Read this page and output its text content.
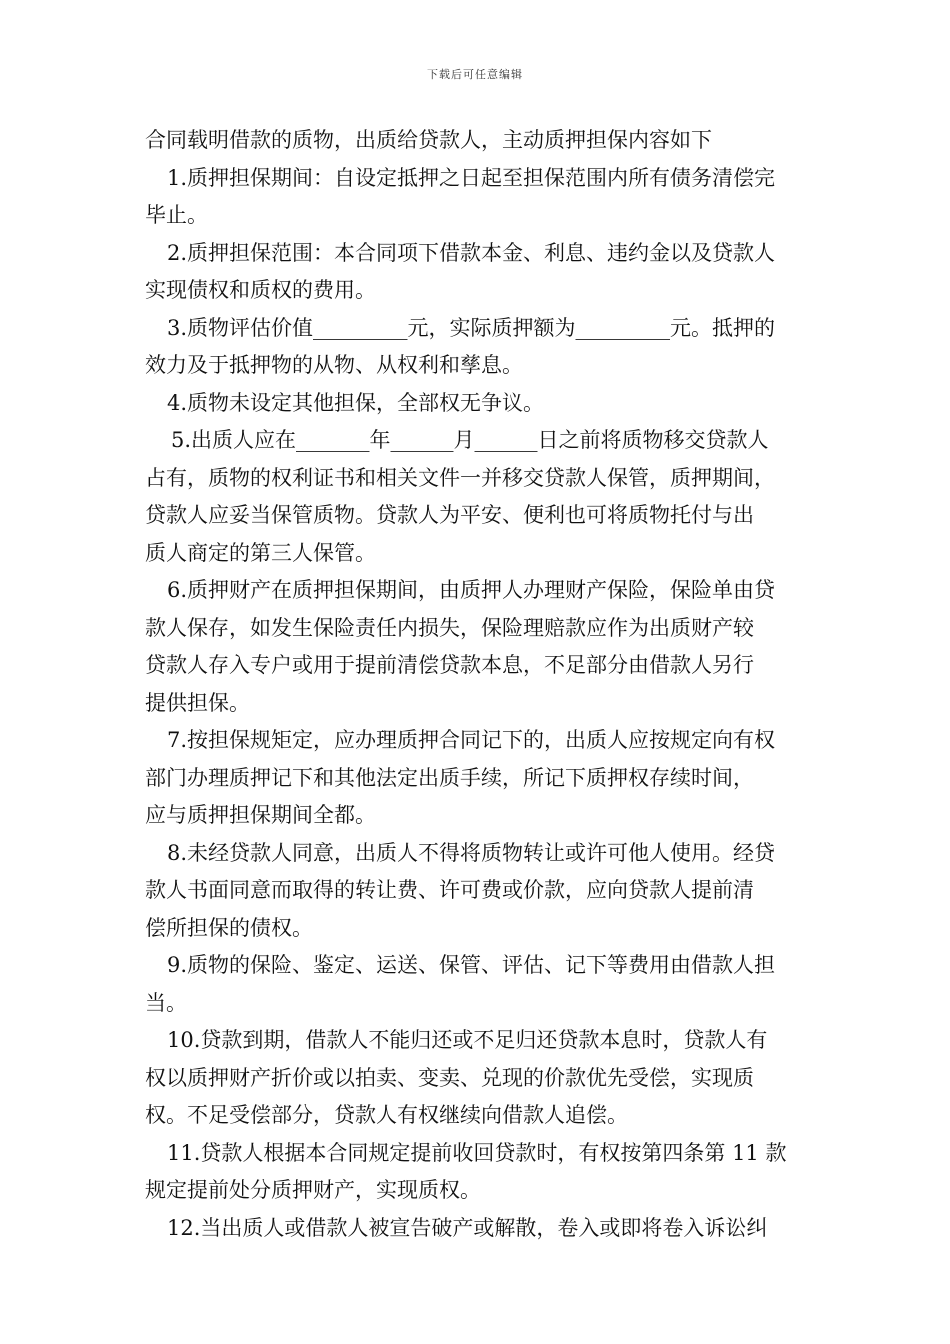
下载后可任意编辑
合同载明借款的质物，出质给贷款人，主动质押担保内容如下
1.质押担保期间：自设定抵押之日起至担保范围内所有债务清偿完
毕止。
2.质押担保范围：本合同项下借款本金、利息、违约金以及贷款人
实现债权和质权的费用。
3.质物评估价值_________元，实际质押额为_________元。抵押的
效力及于抵押物的从物、从权利和孳息。
4.质物未设定其他担保，全部权无争议。
5.出质人应在_______年______月______日之前将质物移交贷款人
占有，质物的权利证书和相关文件一并移交贷款人保管，质押期间，
贷款人应妥当保管质物。贷款人为平安、便利也可将质物托付与出
质人商定的第三人保管。
6.质押财产在质押担保期间，由质押人办理财产保险，保险单由贷
款人保存，如发生保险责任内损失，保险理赔款应作为出质财产较
贷款人存入专户或用于提前清偿贷款本息，不足部分由借款人另行
提供担保。
7.按担保规矩定，应办理质押合同记下的，出质人应按规定向有权
部门办理质押记下和其他法定出质手续，所记下质押权存续时间，
应与质押担保期间全都。
8.未经贷款人同意，出质人不得将质物转让或许可他人使用。经贷
款人书面同意而取得的转让费、许可费或价款，应向贷款人提前清
偿所担保的债权。
9.质物的保险、鉴定、运送、保管、评估、记下等费用由借款人担
当。
10.贷款到期，借款人不能归还或不足归还贷款本息时，贷款人有
权以质押财产折价或以拍卖、变卖、兑现的价款优先受偿，实现质
权。不足受偿部分，贷款人有权继续向借款人追偿。
11.贷款人根据本合同规定提前收回贷款时，有权按第四条第 11 款
规定提前处分质押财产，实现质权。
12.当出质人或借款人被宣告破产或解散，卷入或即将卷入诉讼纠
